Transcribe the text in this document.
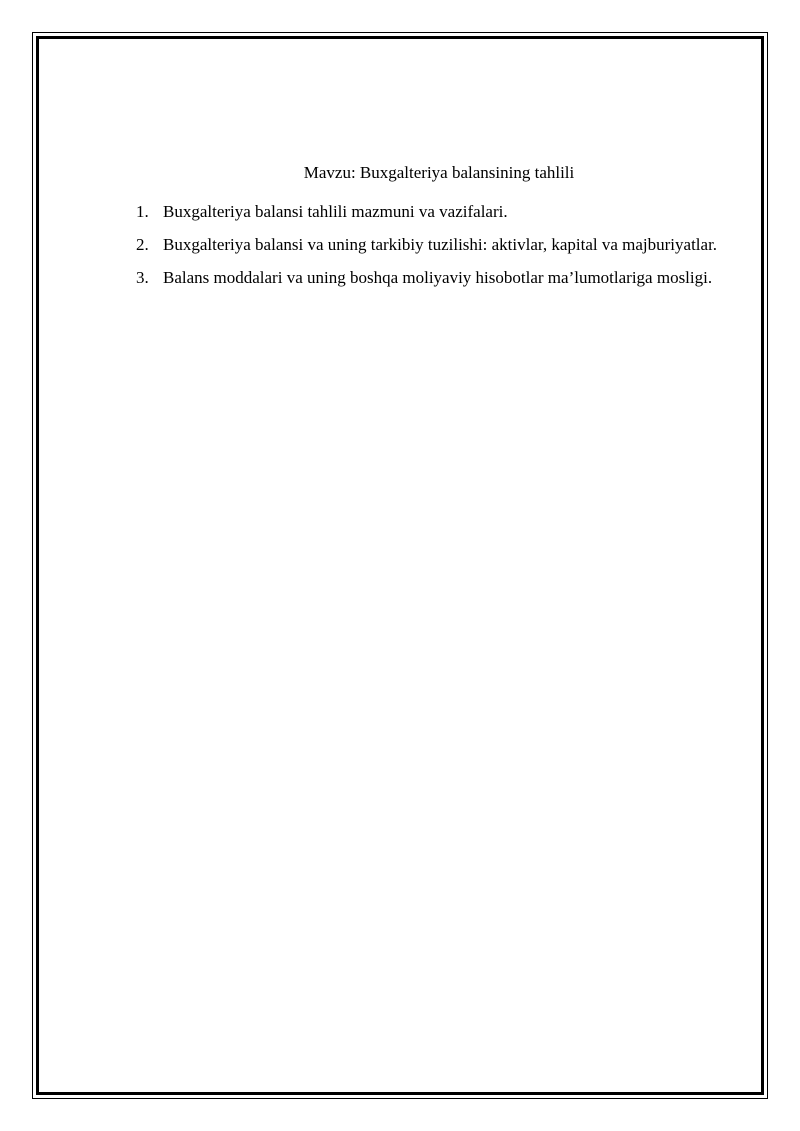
Mavzu: Buxgalteriya balansining tahlili
1. Buxgalteriya balansi tahlili mazmuni va vazifalari.
2. Buxgalteriya balansi va uning tarkibiy tuzilishi: aktivlar, kapital va majburiyatlar.
3. Balans moddalari va uning boshqa moliyaviy hisobotlar ma’lumotlariga mosligi.
